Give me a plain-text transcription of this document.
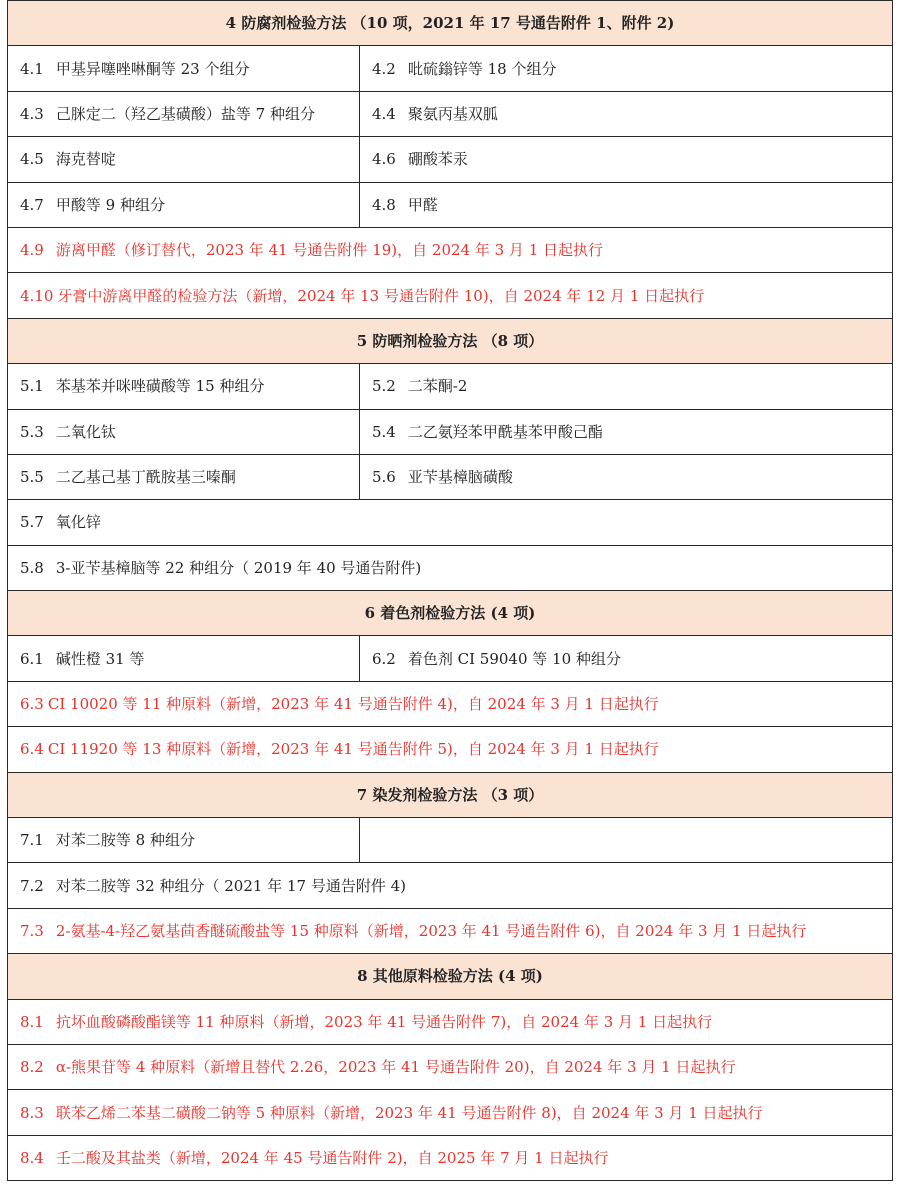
4 防腐剂检验方法 （10 项，2021 年 17 号通告附件 1、附件 2)	
4.1 甲基异噻唑啉酮等 23 个组分	4.2 吡硫鎓锌等 18 个组分
4.3 己脒定二（羟乙基磺酸）盐等 7 种组分	4.4 聚氨丙基双胍
4.5 海克替啶	4.6 硼酸苯汞
4.7 甲酸等 9 种组分	4.8 甲醛
4.9 游离甲醛（修订替代，2023 年 41 号通告附件 19)，自 2024 年 3 月 1 日起执行	
4.10 牙膏中游离甲醛的检验方法（新增，2024 年 13 号通告附件 10)，自 2024 年 12 月 1 日起执行	
5 防晒剂检验方法 （8 项）	
5.1 苯基苯并咪唑磺酸等 15 种组分	5.2 二苯酮-2
5.3 二氧化钛	5.4 二乙氨羟苯甲酰基苯甲酸己酯
5.5 二乙基己基丁酰胺基三嗪酮	5.6 亚苄基樟脑磺酸
5.7 氧化锌	
5.8 3-亚苄基樟脑等 22 种组分（ 2019 年 40 号通告附件)	
6 着色剂检验方法 (4 项)	
6.1 碱性橙 31 等	6.2 着色剂 CI 59040 等 10 种组分
6.3 CI 10020 等 11 种原料（新增，2023 年 41 号通告附件 4)，自 2024 年 3 月 1 日起执行	
6.4 CI 11920 等 13 种原料（新增，2023 年 41 号通告附件 5)，自 2024 年 3 月 1 日起执行	
7 染发剂检验方法 （3 项）	
7.1 对苯二胺等 8 种组分	
7.2 对苯二胺等 32 种组分（ 2021 年 17 号通告附件 4)	
7.3 2-氨基-4-羟乙氨基茴香醚硫酸盐等 15 种原料（新增，2023 年 41 号通告附件 6)，自 2024 年 3 月 1 日起执行	
8 其他原料检验方法 (4 项)	
8.1 抗坏血酸磷酸酯镁等 11 种原料（新增，2023 年 41 号通告附件 7)，自 2024 年 3 月 1 日起执行	
8.2 α-熊果苷等 4 种原料（新增且替代 2.26，2023 年 41 号通告附件 20)，自 2024 年 3 月 1 日起执行	
8.3 联苯乙烯二苯基二磺酸二钠等 5 种原料（新增，2023 年 41 号通告附件 8)，自 2024 年 3 月 1 日起执行	
8.4 壬二酸及其盐类（新增，2024 年 45 号通告附件 2)，自 2025 年 7 月 1 日起执行	
